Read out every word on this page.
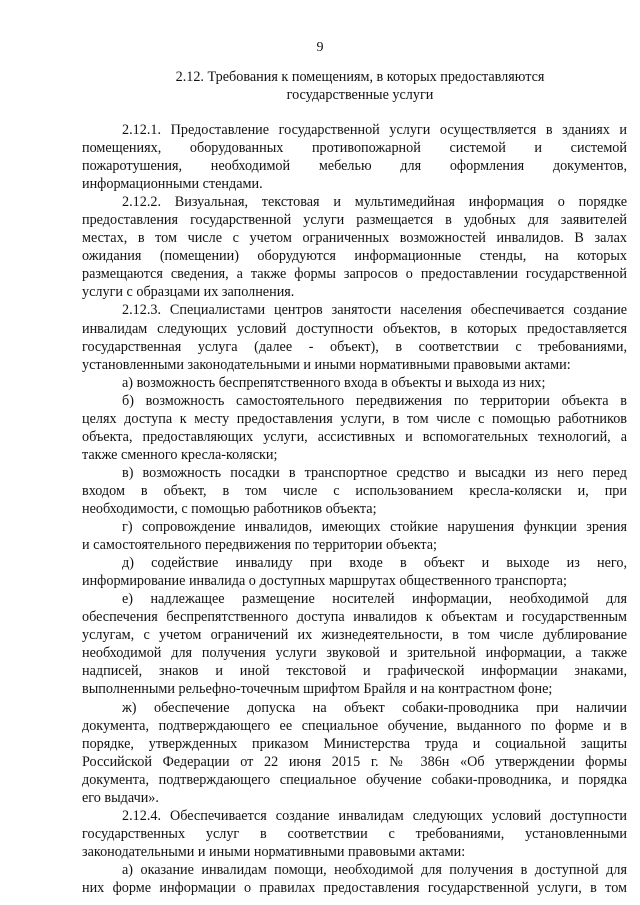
9
2.12. Требования к помещениям, в которых предоставляются
государственные услуги
2.12.1. Предоставление государственной услуги осуществляется в зданиях и
помещениях, оборудованных противопожарной системой и системой
пожаротушения, необходимой мебелью для оформления документов,
информационными стендами.
2.12.2. Визуальная, текстовая и мультимедийная информация о порядке
предоставления государственной услуги размещается в удобных для заявителей
местах, в том числе с учетом ограниченных возможностей инвалидов. В залах
ожидания (помещении) оборудуются информационные стенды, на которых
размещаются сведения, а также формы запросов о предоставлении государственной
услуги с образцами их заполнения.
2.12.3. Специалистами центров занятости населения обеспечивается создание
инвалидам следующих условий доступности объектов, в которых предоставляется
государственная услуга (далее - объект), в соответствии с требованиями,
установленными законодательными и иными нормативными правовыми актами:
а) возможность беспрепятственного входа в объекты и выхода из них;
б) возможность самостоятельного передвижения по территории объекта в
целях доступа к месту предоставления услуги, в том числе с помощью работников
объекта, предоставляющих услуги, ассистивных и вспомогательных технологий, а
также сменного кресла-коляски;
в) возможность посадки в транспортное средство и высадки из него перед
входом в объект, в том числе с использованием кресла-коляски и, при
необходимости, с помощью работников объекта;
г) сопровождение инвалидов, имеющих стойкие нарушения функции зрения
и самостоятельного передвижения по территории объекта;
д) содействие инвалиду при входе в объект и выходе из него,
информирование инвалида о доступных маршрутах общественного транспорта;
е) надлежащее размещение носителей информации, необходимой для
обеспечения беспрепятственного доступа инвалидов к объектам и государственным
услугам, с учетом ограничений их жизнедеятельности, в том числе дублирование
необходимой для получения услуги звуковой и зрительной информации, а также
надписей, знаков и иной текстовой и графической информации знаками,
выполненными рельефно-точечным шрифтом Брайля и на контрастном фоне;
ж) обеспечение допуска на объект собаки-проводника при наличии
документа, подтверждающего ее специальное обучение, выданного по форме и в
порядке, утвержденных приказом Министерства труда и социальной защиты
Российской Федерации от 22 июня 2015 г. № 386н «Об утверждении формы
документа, подтверждающего специальное обучение собаки-проводника, и порядка
его выдачи».
2.12.4. Обеспечивается создание инвалидам следующих условий доступности
государственных услуг в соответствии с требованиями, установленными
законодательными и иными нормативными правовыми актами:
а) оказание инвалидам помощи, необходимой для получения в доступной для
них форме информации о правилах предоставления государственной услуги, в том
